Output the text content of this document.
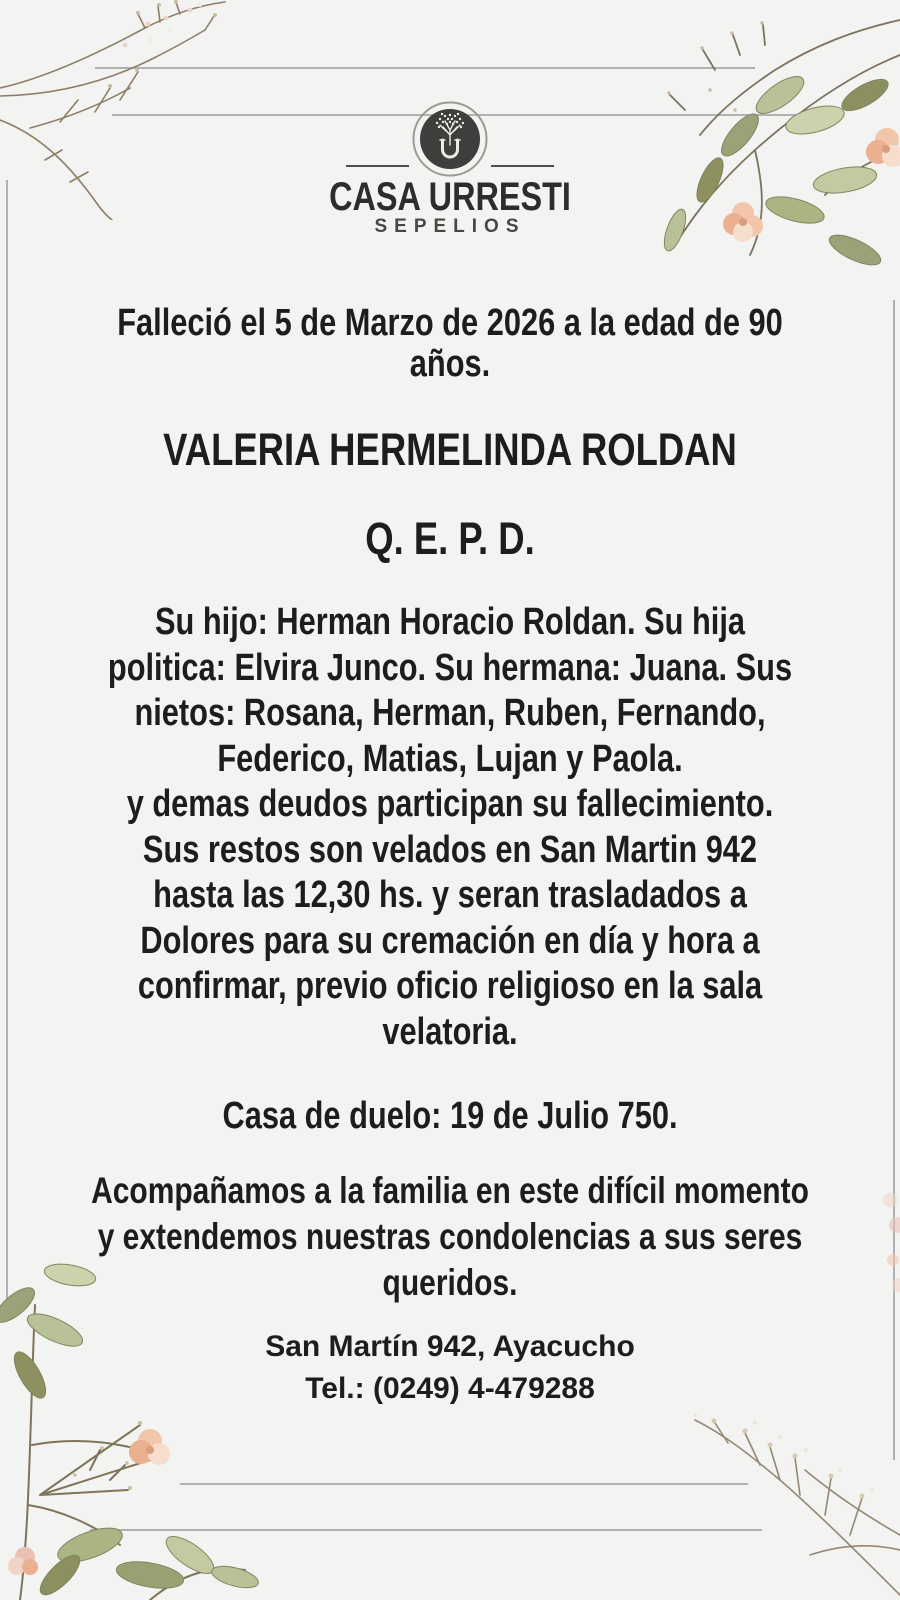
CASA URRESTI
SEPELIOS
Falleció el 5 de Marzo de 2026 a la edad de 90
años.
VALERIA HERMELINDA ROLDAN
Q. E. P. D.
Su hijo: Herman Horacio Roldan. Su hija
politica: Elvira Junco. Su hermana: Juana. Sus
nietos: Rosana, Herman, Ruben, Fernando,
Federico, Matias, Lujan y Paola.
y demas deudos participan su fallecimiento.
Sus restos son velados en San Martin 942
hasta las 12,30 hs. y seran trasladados a
Dolores para su cremación en día y hora a
confirmar, previo oficio religioso en la sala
velatoria.
Casa de duelo: 19 de Julio 750.
Acompañamos a la familia en este difícil momento
y extendemos nuestras condolencias a sus seres
queridos.
San Martín 942, Ayacucho
Tel.: (0249) 4-479288
